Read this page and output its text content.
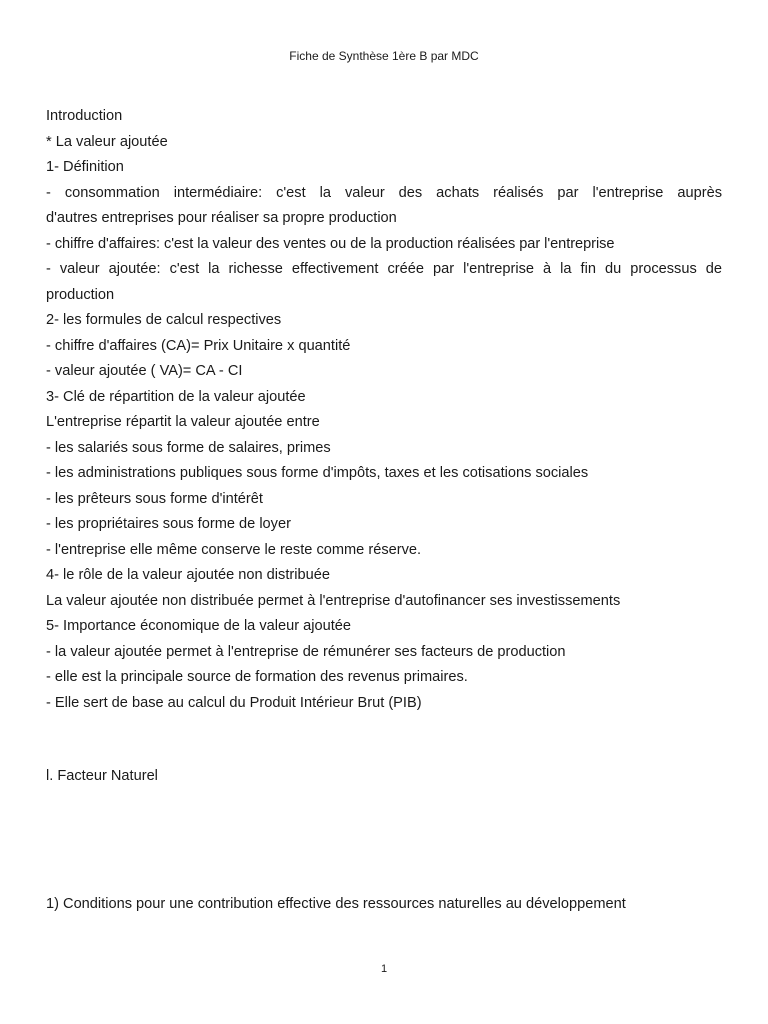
Fiche de Synthèse 1ère B par MDC

Introduction

* La valeur ajoutée

1- Définition

- consommation intermédiaire: c'est la valeur des achats réalisés par l'entreprise auprès

d'autres entreprises pour réaliser sa propre production

- chiffre d'affaires: c'est la valeur des ventes ou de la production réalisées par l'entreprise

- valeur ajoutée: c'est la richesse effectivement créée par l'entreprise à la fin du processus de

production

2- les formules de calcul respectives

- chiffre d'affaires (CA)= Prix Unitaire x quantité

- valeur ajoutée ( VA)= CA - CI

3- Clé de répartition de la valeur ajoutée

L'entreprise répartit la valeur ajoutée entre

- les salariés sous forme de salaires, primes

- les administrations publiques sous forme d'impôts, taxes et les cotisations sociales

- les prêteurs sous forme d'intérêt

- les propriétaires sous forme de loyer

- l'entreprise elle même conserve le reste comme réserve.

4- le rôle de la valeur ajoutée non distribuée

La valeur ajoutée non distribuée permet à l'entreprise d'autofinancer ses investissements

5- Importance économique de la valeur ajoutée

- la valeur ajoutée permet à l'entreprise de rémunérer ses facteurs de production

- elle est la principale source de formation des revenus primaires.

- Elle sert de base au calcul du Produit Intérieur Brut (PIB)

l. Facteur Naturel
1) Conditions pour une contribution effective des ressources naturelles au développement
1
